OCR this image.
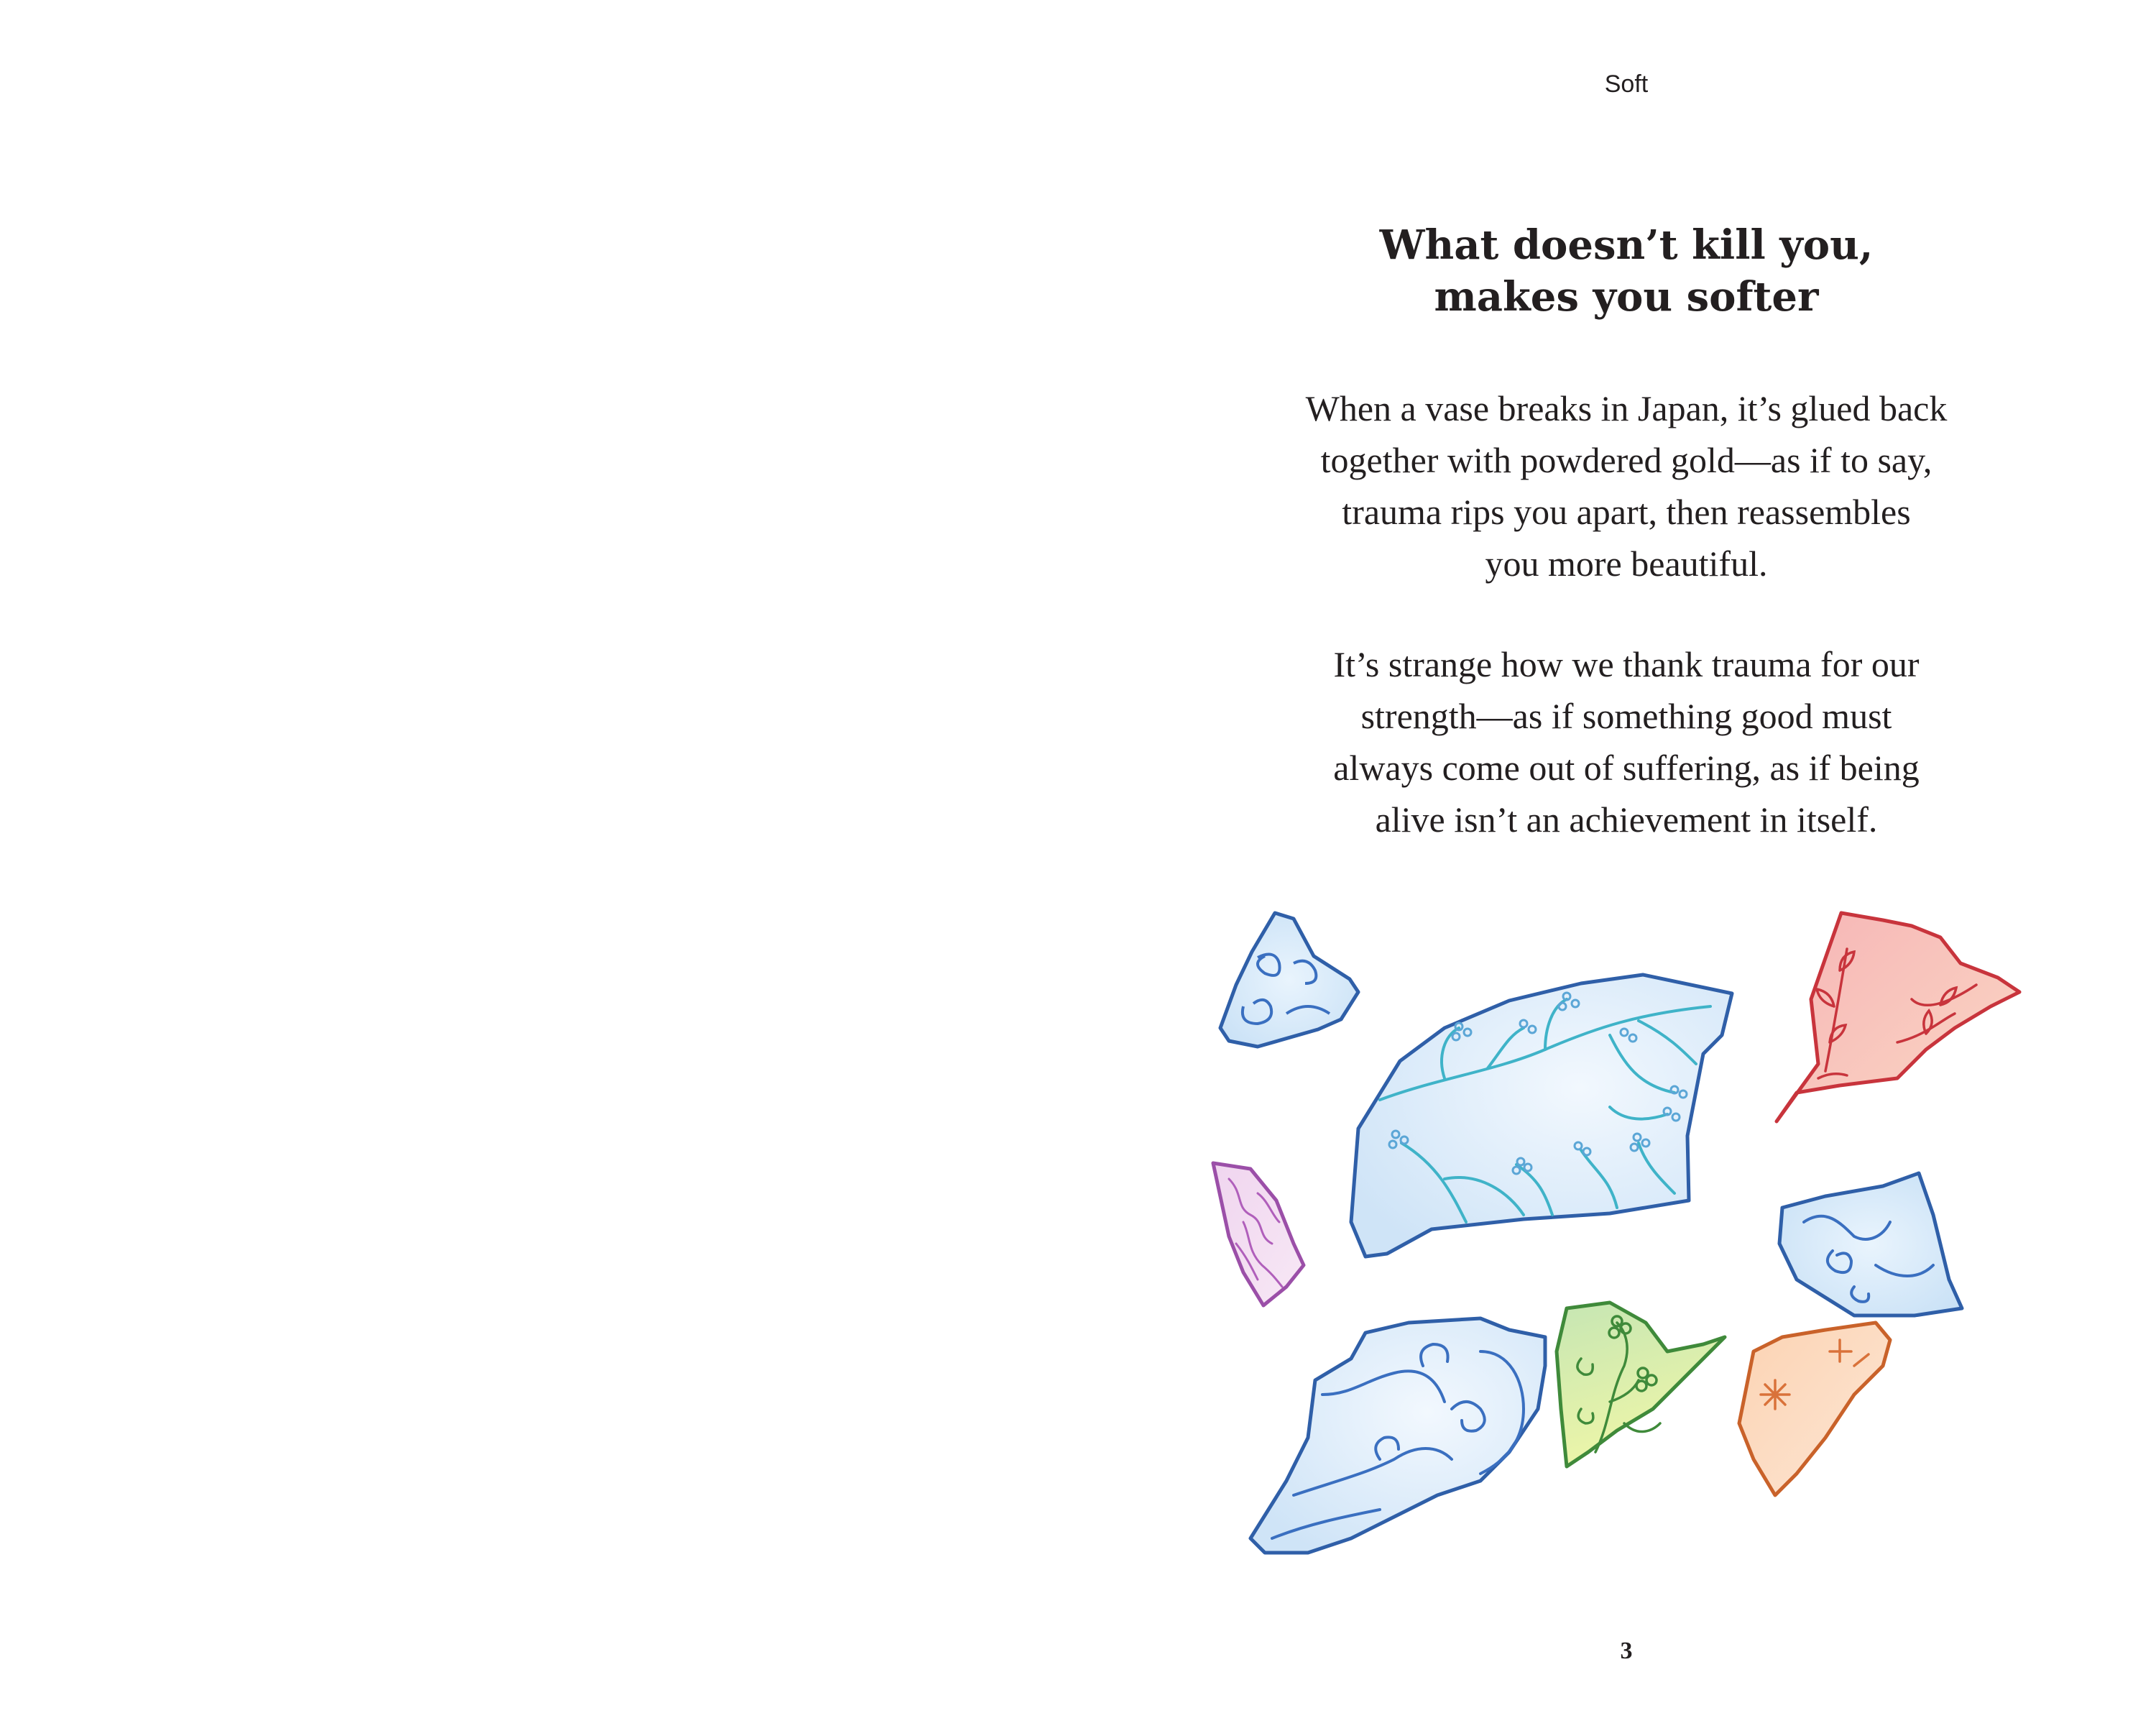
Soft
What doesn’t kill you,
makes you softer
When a vase breaks in Japan, it’s glued back
together with powdered gold—as if to say,
trauma rips you apart, then reassembles
you more beautiful.
It’s strange how we thank trauma for our
strength—as if something good must
always come out of suffering, as if being
alive isn’t an achievement in itself.
3
